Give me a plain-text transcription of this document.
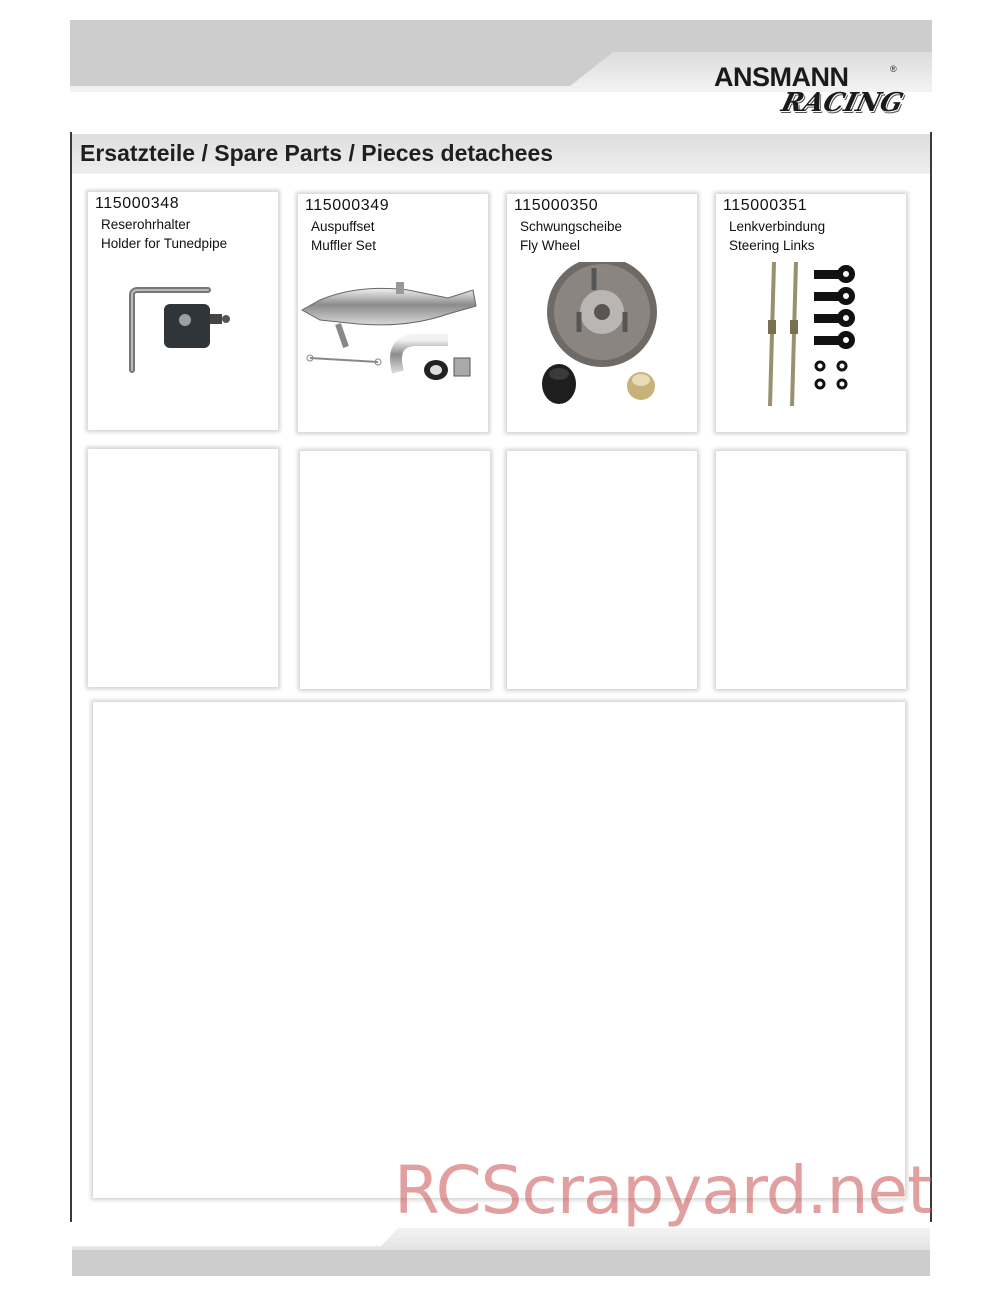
ANSMANN	®
RACING
Ersatzteile / Spare Parts / Pieces detachees
115000348
Reserohrhalter
Holder for Tunedpipe
115000349
Auspuffset
Muffler Set
115000350
Schwungscheibe
Fly Wheel
115000351
Lenkverbindung
Steering Links
RCScrapyard.net
